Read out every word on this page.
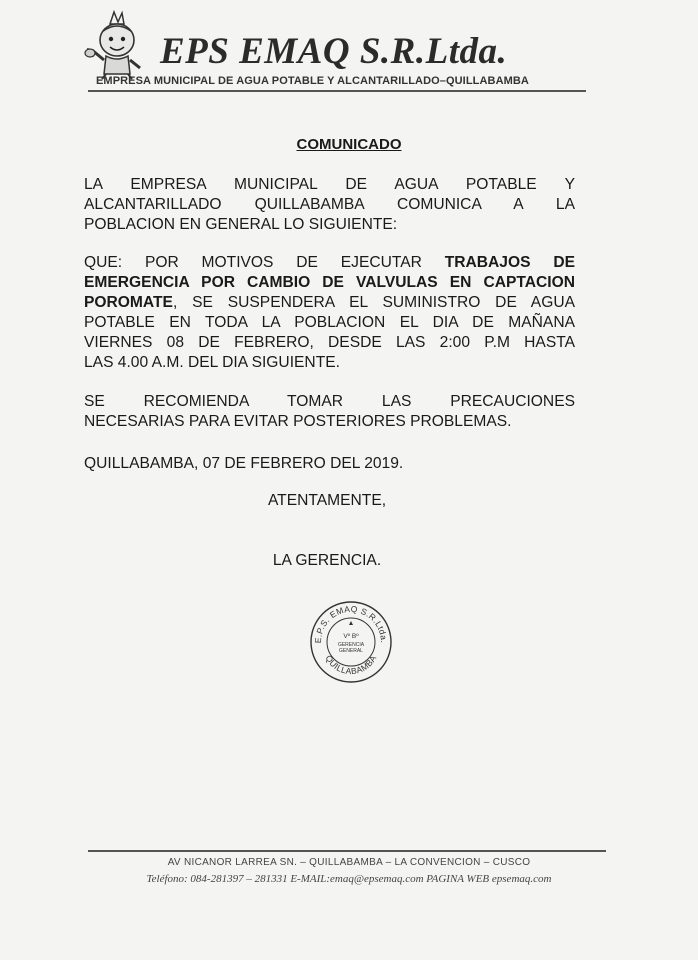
EPS EMAQ S.R.Ltda.
EMPRESA MUNICIPAL DE AGUA POTABLE Y ALCANTARILLADO–QUILLABAMBA
COMUNICADO
LA EMPRESA MUNICIPAL DE AGUA POTABLE Y
ALCANTARILLADO QUILLABAMBA COMUNICA A LA
POBLACION EN GENERAL LO SIGUIENTE:
QUE: POR MOTIVOS DE EJECUTAR TRABAJOS DE
EMERGENCIA POR CAMBIO DE VALVULAS EN CAPTACION
POROMATE, SE SUSPENDERA EL SUMINISTRO DE AGUA
POTABLE EN TODA LA POBLACION EL DIA DE MAÑANA
VIERNES 08 DE FEBRERO, DESDE LAS 2:00 P.M HASTA
LAS 4.00 A.M. DEL DIA SIGUIENTE.
SE RECOMIENDA TOMAR LAS PRECAUCIONES
NECESARIAS PARA EVITAR POSTERIORES PROBLEMAS.
QUILLABAMBA, 07 DE FEBRERO DEL 2019.
ATENTAMENTE,
LA GERENCIA.
E.P.S. EMAQ S.R.Ltda.
QUILLABAMBA
Vº Bº
GERENCIA
GENERAL
AV NICANOR LARREA SN. – QUILLABAMBA – LA CONVENCION – CUSCO
Teléfono: 084-281397 – 281331 E-MAIL:emaq@epsemaq.com PAGINA WEB epsemaq.com
